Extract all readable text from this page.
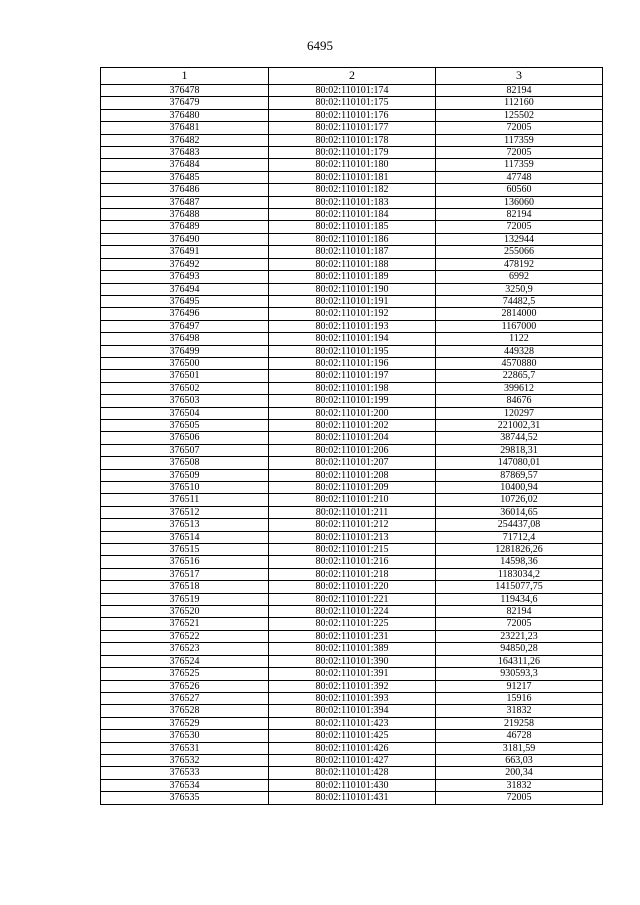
6495
1	2	3
376478	80:02:110101:174	82194
376479	80:02:110101:175	112160
376480	80:02:110101:176	125502
376481	80:02:110101:177	72005
376482	80:02:110101:178	117359
376483	80:02:110101:179	72005
376484	80:02:110101:180	117359
376485	80:02:110101:181	47748
376486	80:02:110101:182	60560
376487	80:02:110101:183	136060
376488	80:02:110101:184	82194
376489	80:02:110101:185	72005
376490	80:02:110101:186	132944
376491	80:02:110101:187	255066
376492	80:02:110101:188	478192
376493	80:02:110101:189	6992
376494	80:02:110101:190	3250,9
376495	80:02:110101:191	74482,5
376496	80:02:110101:192	2814000
376497	80:02:110101:193	1167000
376498	80:02:110101:194	1122
376499	80:02:110101:195	449328
376500	80:02:110101:196	4570880
376501	80:02:110101:197	22865,7
376502	80:02:110101:198	399612
376503	80:02:110101:199	84676
376504	80:02:110101:200	120297
376505	80:02:110101:202	221002,31
376506	80:02:110101:204	38744,52
376507	80:02:110101:206	29818,31
376508	80:02:110101:207	147080,01
376509	80:02:110101:208	87869,57
376510	80:02:110101:209	10400,94
376511	80:02:110101:210	10726,02
376512	80:02:110101:211	36014,65
376513	80:02:110101:212	254437,08
376514	80:02:110101:213	71712,4
376515	80:02:110101:215	1281826,26
376516	80:02:110101:216	14598,36
376517	80:02:110101:218	1183034,2
376518	80:02:110101:220	1415077,75
376519	80:02:110101:221	119434,6
376520	80:02:110101:224	82194
376521	80:02:110101:225	72005
376522	80:02:110101:231	23221,23
376523	80:02:110101:389	94850,28
376524	80:02:110101:390	164311,26
376525	80:02:110101:391	930593,3
376526	80:02:110101:392	91217
376527	80:02:110101:393	15916
376528	80:02:110101:394	31832
376529	80:02:110101:423	219258
376530	80:02:110101:425	46728
376531	80:02:110101:426	3181,59
376532	80:02:110101:427	663,03
376533	80:02:110101:428	200,34
376534	80:02:110101:430	31832
376535	80:02:110101:431	72005
